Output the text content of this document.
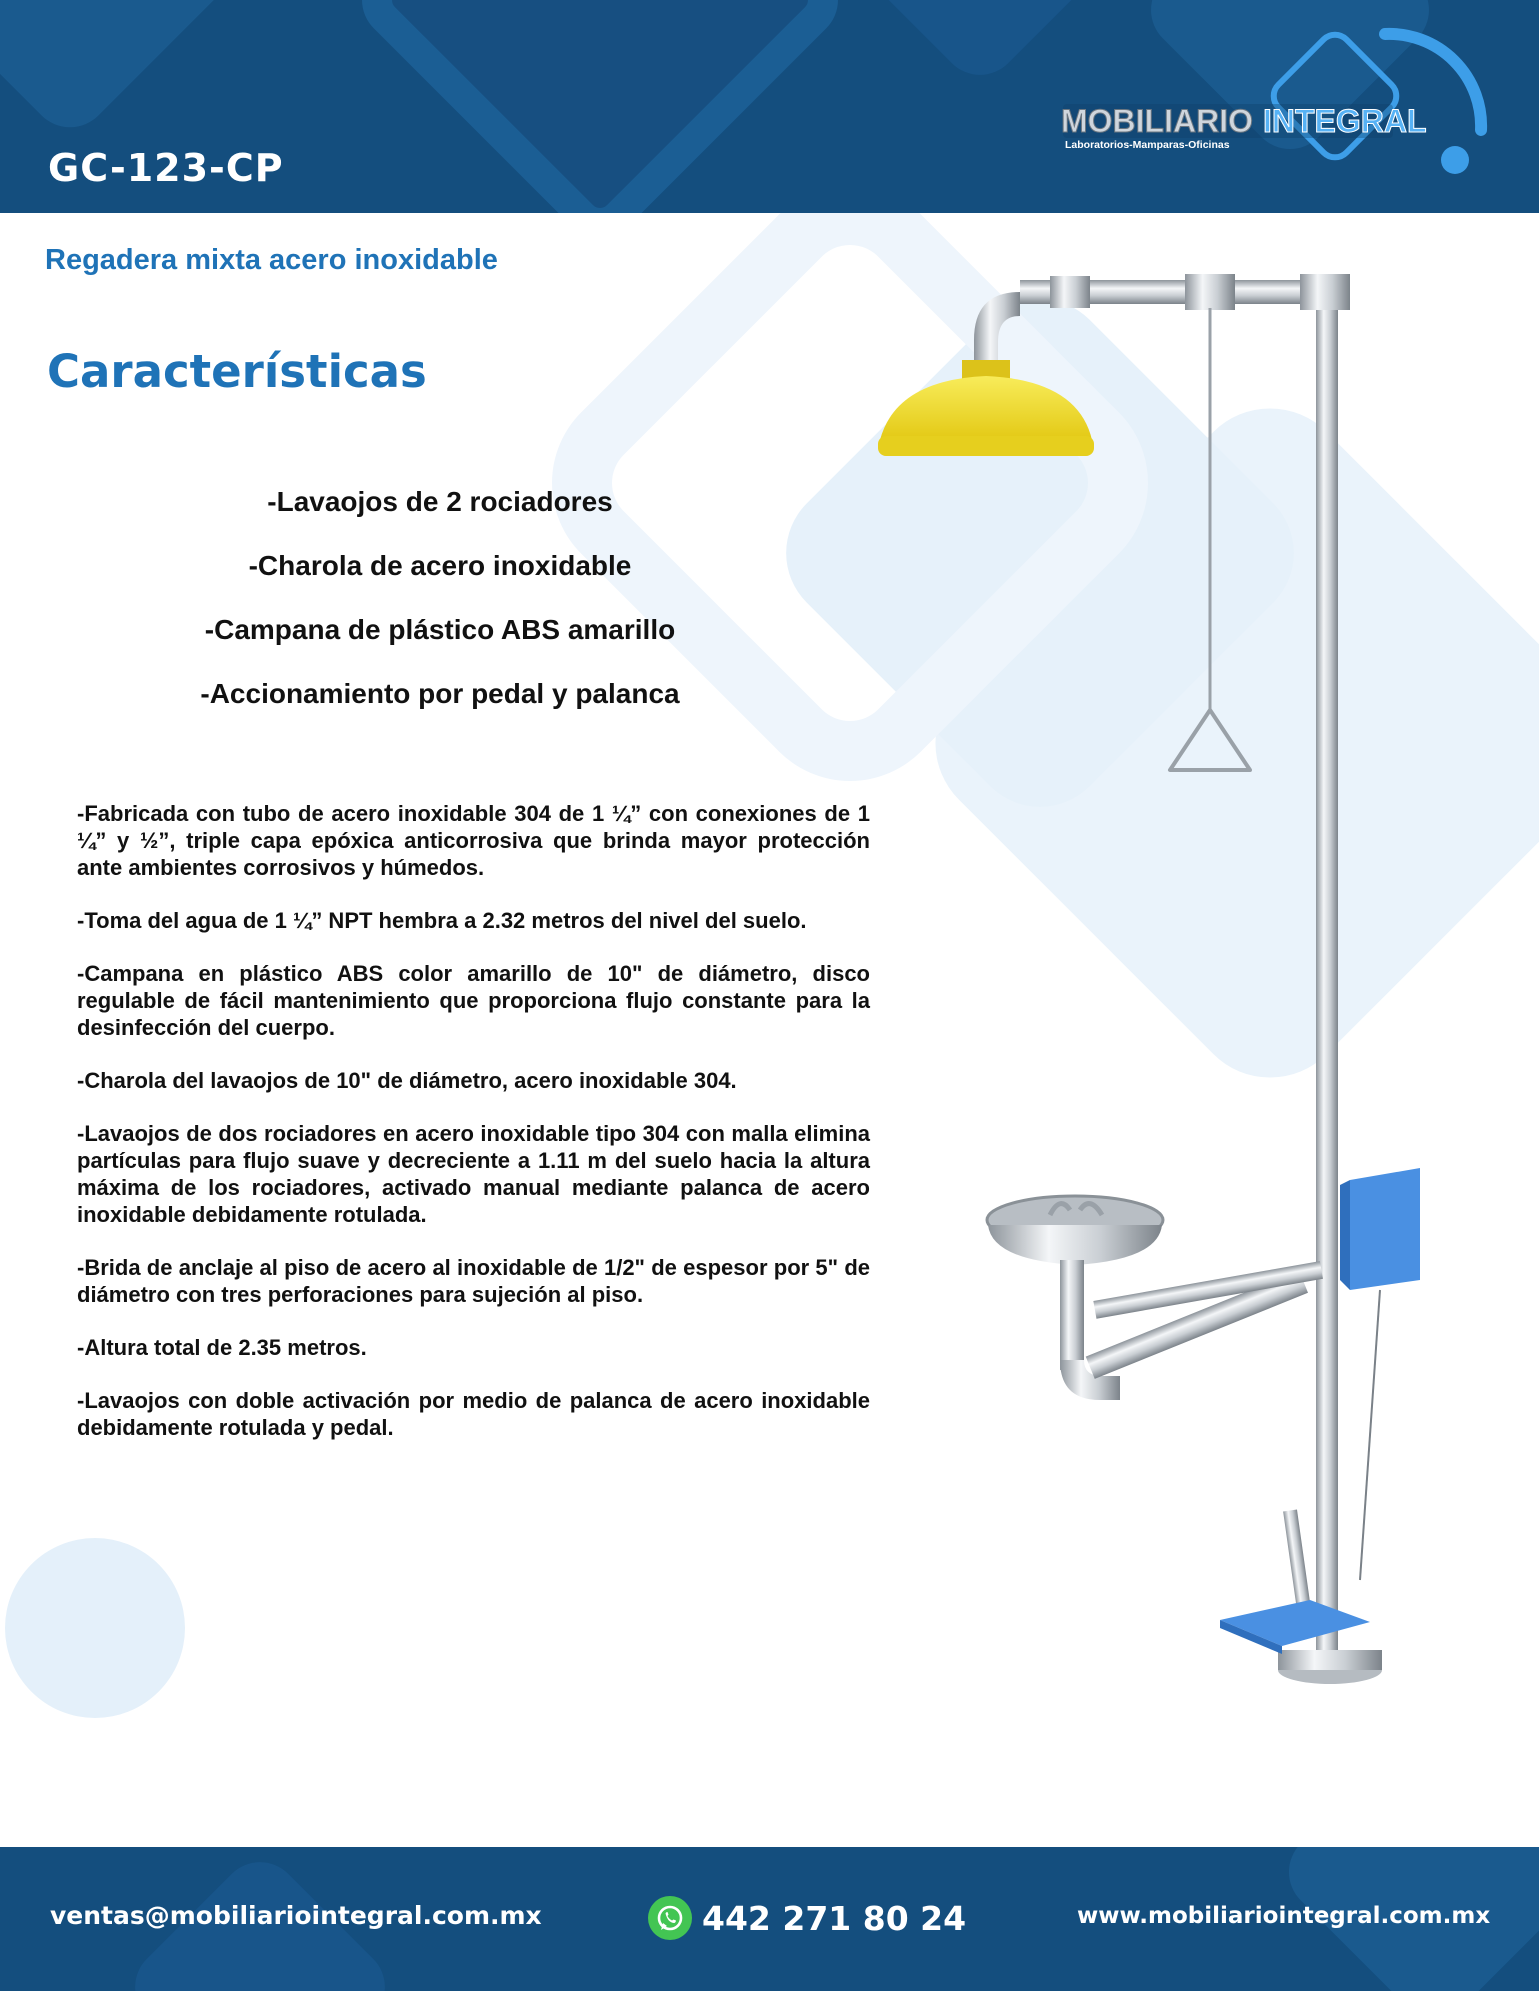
GC-123-CP
MOBILIARIO INTEGRAL
Laboratorios-Mamparas-Oficinas
Regadera mixta acero inoxidable
Características
-Lavaojos de 2 rociadores
-Charola de acero inoxidable
-Campana de plástico ABS amarillo
-Accionamiento por pedal y palanca

-Fabricada con tubo de acero inoxidable 304 de 1 ¼” con conexiones de 1 ¼” y ½”, triple capa epóxica anticorrosiva que brinda mayor protección ante ambientes corrosivos y húmedos.

-Toma del agua de 1 ¼” NPT hembra a 2.32 metros del nivel del suelo.

-Campana en plástico ABS color amarillo de 10" de diámetro, disco regulable de fácil mantenimiento que proporciona flujo constante para la desinfección del cuerpo.

-Charola del lavaojos de 10" de diámetro, acero inoxidable 304.

-Lavaojos de dos rociadores en acero inoxidable tipo 304 con malla elimina partículas para flujo suave y decreciente a 1.11 m del suelo hacia la altura máxima de los rociadores, activado manual mediante palanca de acero inoxidable debidamente rotulada.

-Brida de anclaje al piso de acero al inoxidable de 1/2" de espesor por 5" de diámetro con tres perforaciones para sujeción al piso.

-Altura total de 2.35 metros.

-Lavaojos con doble activación por medio de palanca de acero inoxidable debidamente rotulada y pedal.

ventas@mobiliariointegral.com.mx	442 271 80 24	www.mobiliariointegral.com.mx
